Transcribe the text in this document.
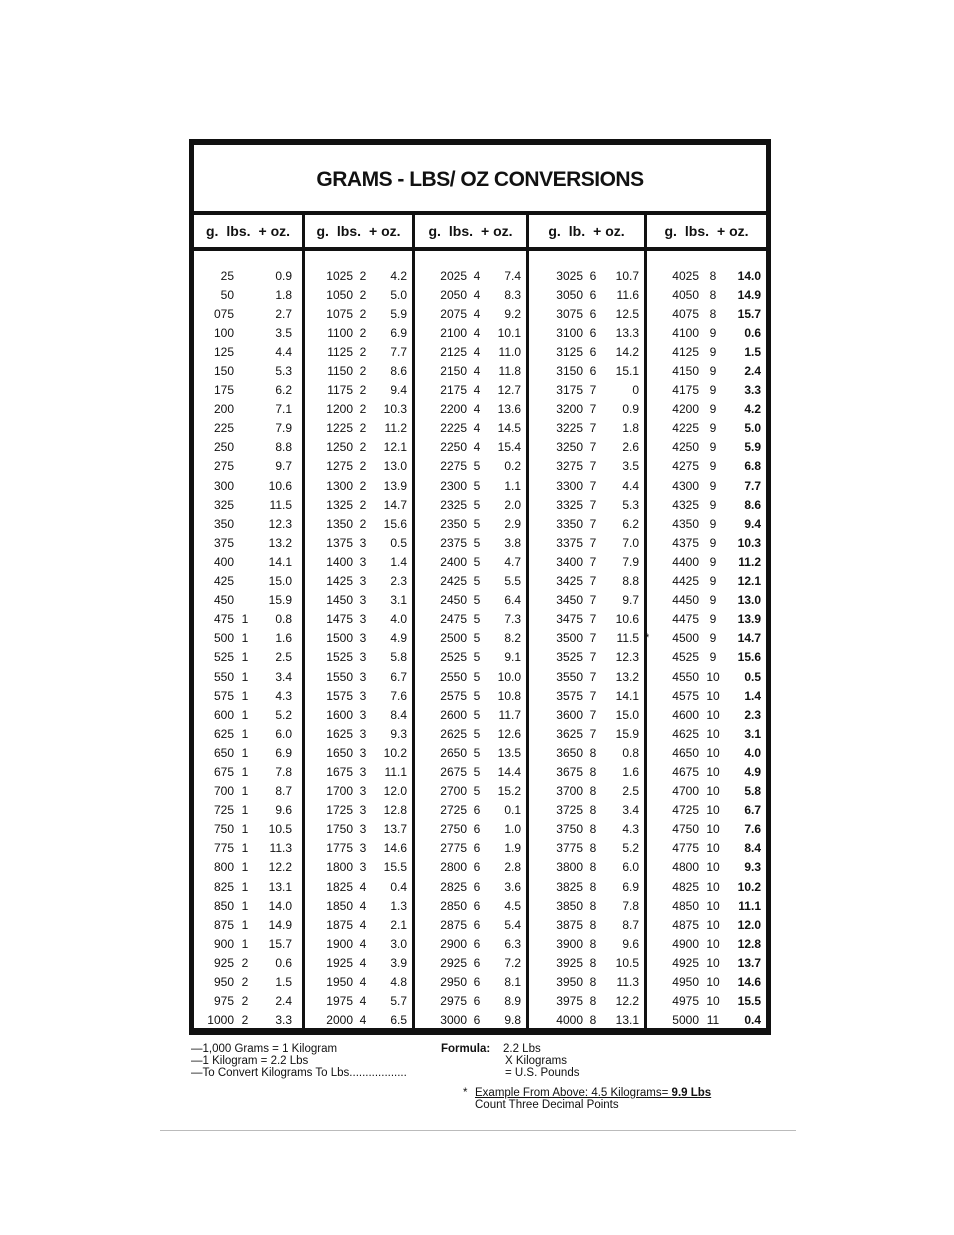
GRAMS - LBS/ OZ CONVERSIONS
g. lbs. + oz. g. lbs. + oz. g. lbs. + oz.	g. lb. + oz.	g. lbs. + oz.
25	0.9
50	1.8
075	2.7
100	3.5
125	4.4
150	5.3
175	6.2
200	7.1
225	7.9
250	8.8
275	9.7
300	10.6
325	11.5
350	12.3
375	13.2
400	14.1
425	15.0
450	15.9
475 1	0.8
500 1	1.6
525 1	2.5
550 1	3.4
575 1	4.3
600 1	5.2
625 1	6.0
650 1	6.9
675 1	7.8
700 1	8.7
725 1	9.6
750 1	10.5
775 1	11.3
800 1	12.2
825 1	13.1
850 1	14.0
875 1	14.9
900 1	15.7
925 2	0.6
950 2	1.5
975 2	2.4
1000 2	3.3
1025 2	4.2
1050 2	5.0
1075 2	5.9
1100 2	6.9
1125 2	7.7
1150 2	8.6
1175 2	9.4
1200 2	10.3
1225 2	11.2
1250 2	12.1
1275 2	13.0
1300 2	13.9
1325 2	14.7
1350 2	15.6
1375 3	0.5
1400 3	1.4
1425 3	2.3
1450 3	3.1
1475 3	4.0
1500 3	4.9
1525 3	5.8
1550 3	6.7
1575 3	7.6
1600 3	8.4
1625 3	9.3
1650 3	10.2
1675 3	11.1
1700 3	12.0
1725 3	12.8
1750 3	13.7
1775 3	14.6
1800 3	15.5
1825 4	0.4
1850 4	1.3
1875 4	2.1
1900 4	3.0
1925 4	3.9
1950 4	4.8
1975 4	5.7
2000 4	6.5
2025 4	7.4
2050 4	8.3
2075 4	9.2
2100 4	10.1
2125 4	11.0
2150 4	11.8
2175 4	12.7
2200 4	13.6
2225 4	14.5
2250 4	15.4
2275 5	0.2
2300 5	1.1
2325 5	2.0
2350 5	2.9
2375 5	3.8
2400 5	4.7
2425 5	5.5
2450 5	6.4
2475 5	7.3
2500 5	8.2
2525 5	9.1
2550 5	10.0
2575 5	10.8
2600 5	11.7
2625 5	12.6
2650 5	13.5
2675 5	14.4
2700 5	15.2
2725 6	0.1
2750 6	1.0
2775 6	1.9
2800 6	2.8
2825 6	3.6
2850 6	4.5
2875 6	5.4
2900 6	6.3
2925 6	7.2
2950 6	8.1
2975 6	8.9
3000 6	9.8
3025 6	10.7
3050 6	11.6
3075 6	12.5
3100 6	13.3
3125 6	14.2
3150 6	15.1
3175 7	0
3200 7	0.9
3225 7	1.8
3250 7	2.6
3275 7	3.5
3300 7	4.4
3325 7	5.3
3350 7	6.2
3375 7	7.0
3400 7	7.9
3425 7	8.8
3450 7	9.7
3475 7	10.6
3500 7	11.5
3525 7	12.3
3550 7	13.2
3575 7	14.1
3600 7	15.0
3625 7	15.9
3650 8	0.8
3675 8	1.6
3700 8	2.5
3725 8	3.4
3750 8	4.3
3775 8	5.2
3800 8	6.0
3825 8	6.9
3850 8	7.8
3875 8	8.7
3900 8	9.6
3925 8	10.5
3950 8	11.3
3975 8	12.2
4000 8	13.1
4025 8	14.0
4050 8	14.9
4075 8	15.7
4100 9	0.6
4125 9	1.5
4150 9	2.4
4175 9	3.3
4200 9	4.2
4225 9	5.0
4250 9	5.9
4275 9	6.8
4300 9	7.7
4325 9	8.6
4350 9	9.4
4375 9	10.3
4400 9	11.2
4425 9	12.1
4450 9	13.0
4475 9	13.9
4500 9	14.7
*
4525 9	15.6
4550 10	0.5
4575 10	1.4
4600 10	2.3
4625 10	3.1
4650 10	4.0
4675 10	4.9
4700 10	5.8
4725 10	6.7
4750 10	7.6
4775 10	8.4
4800 10	9.3
4825 10	10.2
4850 10	11.1
4875 10	12.0
4900 10	12.8
4925 10	13.7
4950 10	14.6
4975 10	15.5
5000 11	0.4
—1,000 Grams = 1 Kilogram
—1 Kilogram = 2.2 Lbs
—To Convert Kilograms To Lbs..................
Formula: 2.2 Lbs
X Kilograms
= U.S. Pounds
* Example From Above: 4.5 Kilograms= 9.9 Lbs
Count Three Decimal Points
